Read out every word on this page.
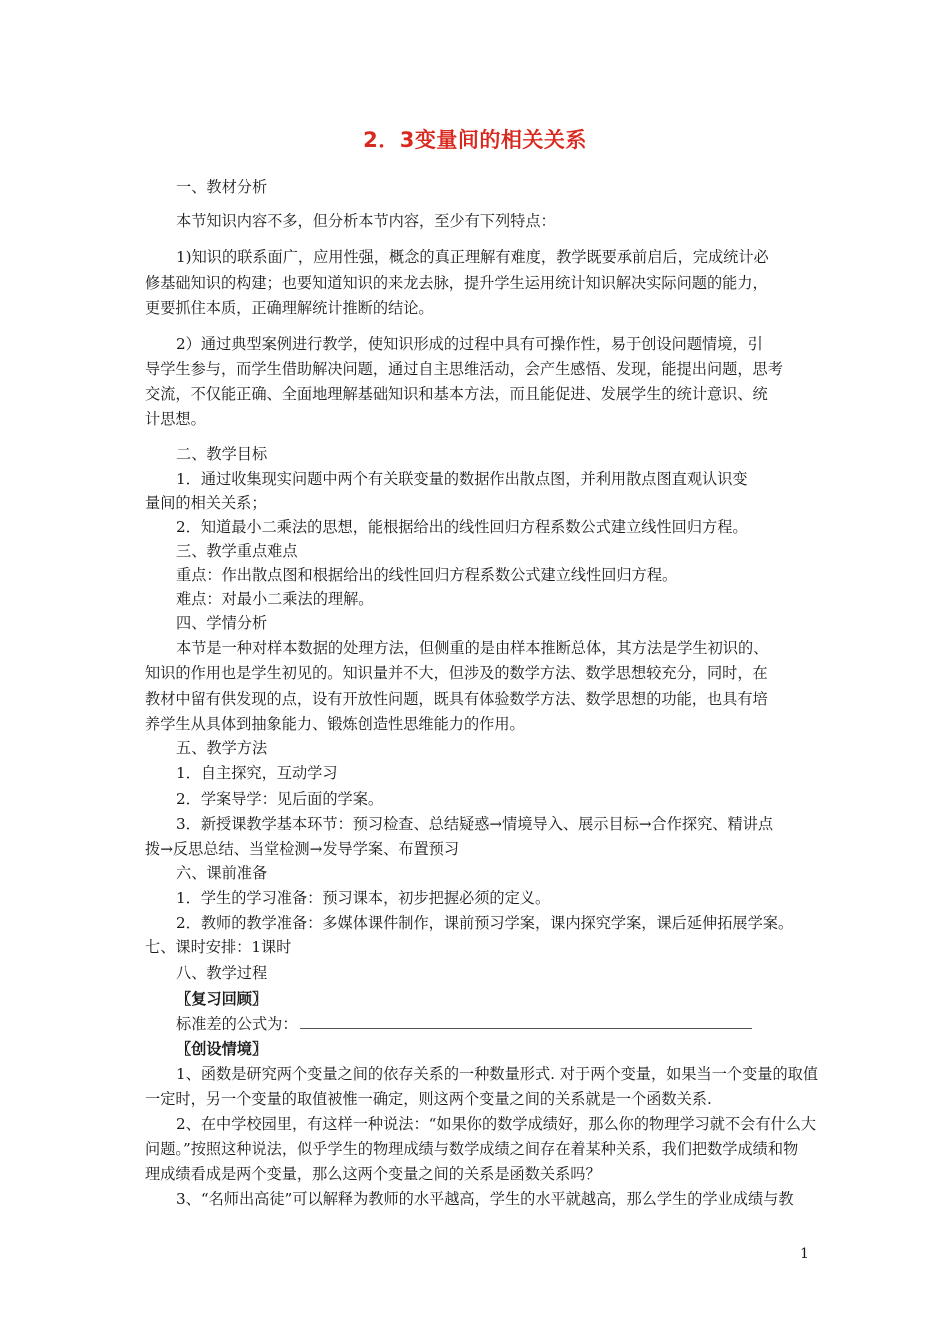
2．3变量间的相关关系
一、教材分析
本节知识内容不多，但分析本节内容，至少有下列特点：
1)知识的联系面广，应用性强，概念的真正理解有难度，教学既要承前启后，完成统计必
修基础知识的构建；也要知道知识的来龙去脉，提升学生运用统计知识解决实际问题的能力，
更要抓住本质，正确理解统计推断的结论。
2）通过典型案例进行教学，使知识形成的过程中具有可操作性，易于创设问题情境，引
导学生参与，而学生借助解决问题，通过自主思维活动，会产生感悟、发现，能提出问题，思考
交流，不仅能正确、全面地理解基础知识和基本方法，而且能促进、发展学生的统计意识、统
计思想。
二、教学目标
1．通过收集现实问题中两个有关联变量的数据作出散点图，并利用散点图直观认识变
量间的相关关系；
2．知道最小二乘法的思想，能根据给出的线性回归方程系数公式建立线性回归方程。
三、教学重点难点
重点：作出散点图和根据给出的线性回归方程系数公式建立线性回归方程。
难点：对最小二乘法的理解。
四、学情分析
本节是一种对样本数据的处理方法，但侧重的是由样本推断总体，其方法是学生初识的、
知识的作用也是学生初见的。知识量并不大，但涉及的数学方法、数学思想较充分，同时，在
教材中留有供发现的点，设有开放性问题，既具有体验数学方法、数学思想的功能，也具有培
养学生从具体到抽象能力、锻炼创造性思维能力的作用。
五、教学方法
1．自主探究，互动学习
2．学案导学：见后面的学案。
3．新授课教学基本环节：预习检查、总结疑惑→情境导入、展示目标→合作探究、精讲点
拨→反思总结、当堂检测→发导学案、布置预习
六、课前准备
1．学生的学习准备：预习课本，初步把握必须的定义。
2．教师的教学准备：多媒体课件制作，课前预习学案，课内探究学案，课后延伸拓展学案。
七、课时安排：1课时
八、教学过程
〖复习回顾〗
标准差的公式为：
〖创设情境〗
1、函数是研究两个变量之间的依存关系的一种数量形式. 对于两个变量，如果当一个变量的取值
一定时，另一个变量的取值被惟一确定，则这两个变量之间的关系就是一个函数关系.
2、在中学校园里，有这样一种说法：“如果你的数学成绩好，那么你的物理学习就不会有什么大
问题。”按照这种说法，似乎学生的物理成绩与数学成绩之间存在着某种关系，我们把数学成绩和物
理成绩看成是两个变量，那么这两个变量之间的关系是函数关系吗？
3、“名师出高徒”可以解释为教师的水平越高，学生的水平就越高，那么学生的学业成绩与教
1
